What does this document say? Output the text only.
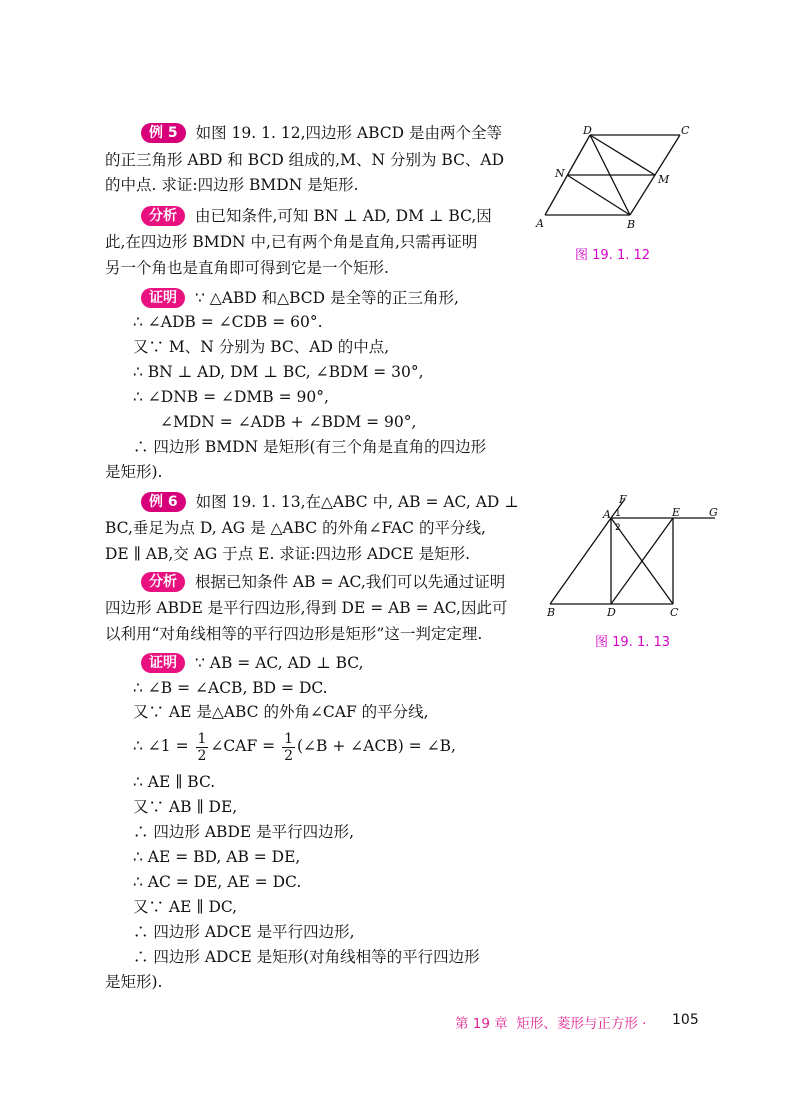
例 5 如图 19. 1. 12,四边形 ABCD 是由两个全等
的正三角形 ABD 和 BCD 组成的,M、N 分别为 BC、AD
的中点. 求证:四边形 BMDN 是矩形.
分析 由已知条件,可知 BN ⊥ AD, DM ⊥ BC,因
此,在四边形 BMDN 中,已有两个角是直角,只需再证明
另一个角也是直角即可得到它是一个矩形.
证明 ∵ △ABD 和△BCD 是全等的正三角形,
∴ ∠ADB = ∠CDB = 60°.
又∵ M、N 分别为 BC、AD 的中点,
∴ BN ⊥ AD, DM ⊥ BC, ∠BDM = 30°,
∴ ∠DNB = ∠DMB = 90°,
∠MDN = ∠ADB + ∠BDM = 90°,
∴ 四边形 BMDN 是矩形(有三个角是直角的四边形
是矩形).
例 6 如图 19. 1. 13,在△ABC 中, AB = AC, AD ⊥
BC,垂足为点 D, AG 是 △ABC 的外角∠FAC 的平分线,
DE ∥ AB,交 AG 于点 E. 求证:四边形 ADCE 是矩形.
分析 根据已知条件 AB = AC,我们可以先通过证明
四边形 ABDE 是平行四边形,得到 DE = AB = AC,因此可
以利用“对角线相等的平行四边形是矩形”这一判定定理.
证明 ∵ AB = AC, AD ⊥ BC,
∴ ∠B = ∠ACB, BD = DC.
又∵ AE 是△ABC 的外角∠CAF 的平分线,
∴ ∠1 = $\frac{1}{2}$ ∠CAF = $\frac{1}{2}$ (∠B + ∠ACB) = ∠B,
∴ AE ∥ BC.
又∵ AB ∥ DE,
∴ 四边形 ABDE 是平行四边形,
∴ AE = BD, AB = DE,
∴ AC = DE, AE = DC.
又∵ AE ∥ DC,
∴ 四边形 ADCE 是平行四边形,
∴ 四边形 ADCE 是矩形(对角线相等的平行四边形
是矩形).
D	C
A	B
M
N
图 19. 1. 12
F
A	E	G
B	D	C
1
2
图 19. 1. 13
第 19 章 矩形、菱形与正方形 · 105
